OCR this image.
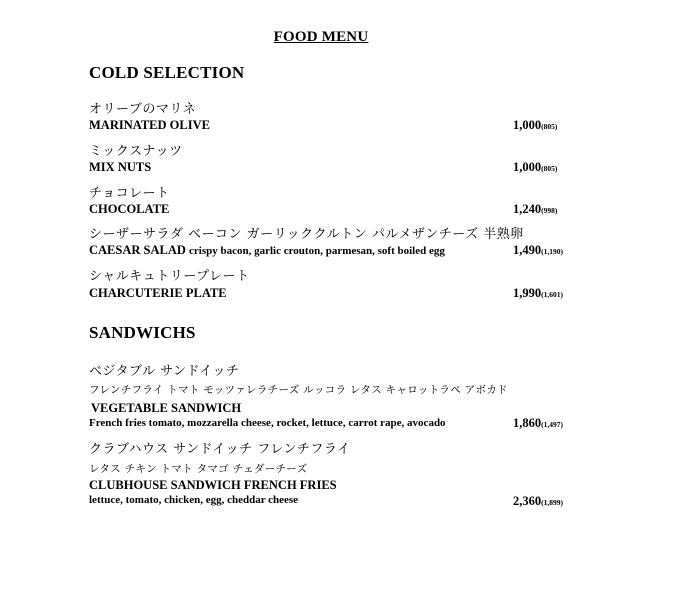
FOOD MENU
COLD SELECTION
オリーブのマリネ
MARINATED OLIVE	1,000(805)
ミックスナッツ
MIX NUTS	1,000(805)
チョコレート
CHOCOLATE	1,240(998)
シーザーサラダ ベーコン ガーリッククルトン パルメザンチーズ 半熟卵
CAESAR SALAD crispy bacon, garlic crouton, parmesan, soft boiled egg	1,490(1,190)
シャルキュトリープレート
CHARCUTERIE PLATE	1,990(1,601)
SANDWICHS
ベジタブル サンドイッチ
フレンチフライ トマト モッツァレラチーズ ルッコラ レタス キャロットラペ アボカド
VEGETABLE SANDWICH
French fries tomato, mozzarella cheese, rocket, lettuce, carrot rape, avocado	1,860(1,497)
クラブハウス サンドイッチ フレンチフライ
レタス チキン トマト タマゴ チェダーチーズ
CLUBHOUSE SANDWICH FRENCH FRIES
lettuce, tomato, chicken, egg, cheddar cheese	2,360(1,899)
